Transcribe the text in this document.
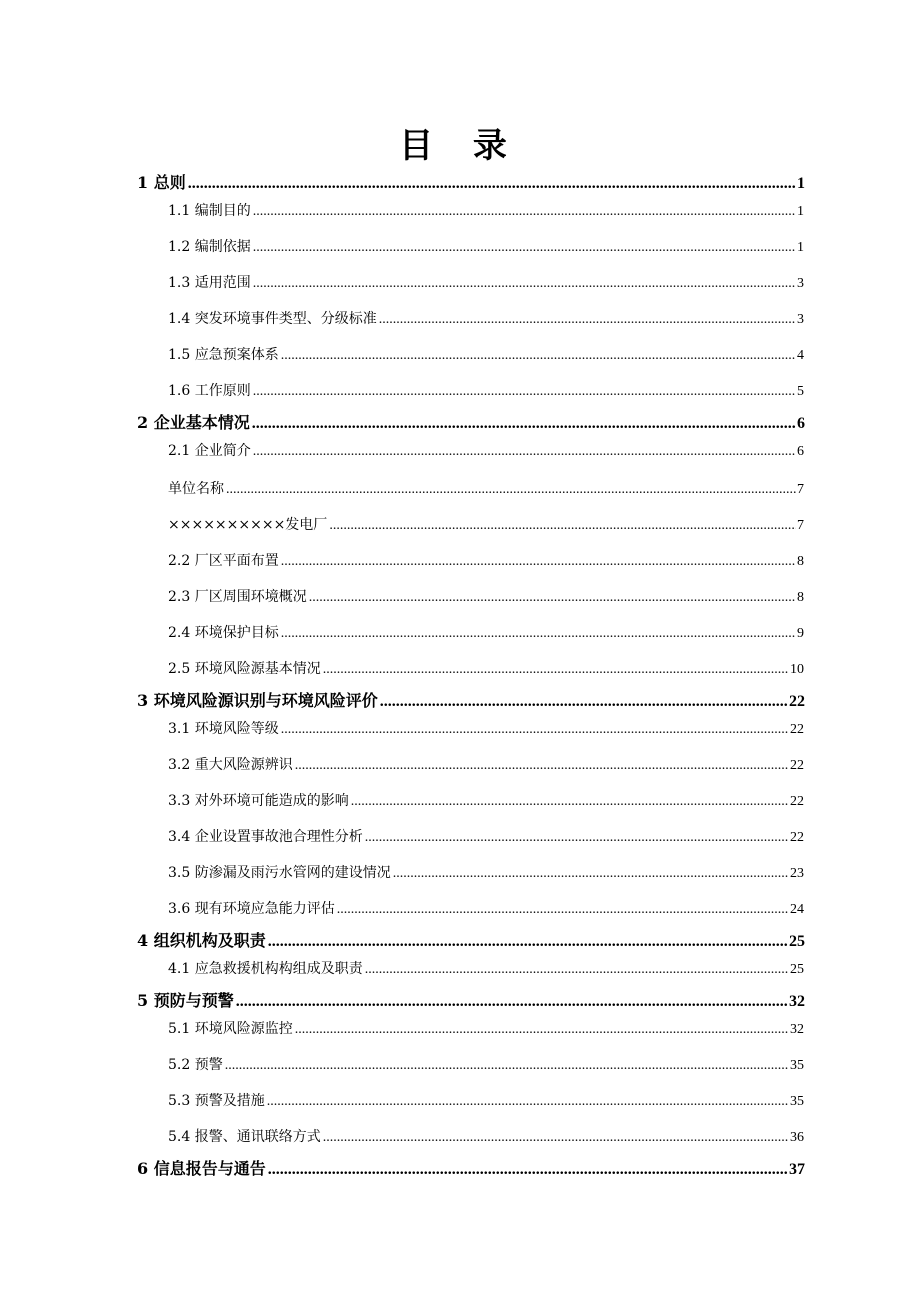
目 录
1 总则 .....	1
1.1 编制目的 .....	1
1.2 编制依据 .....	1
1.3 适用范围 .....	3
1.4 突发环境事件类型、分级标准 .....	3
1.5 应急预案体系 .....	4
1.6 工作原则 .....	5
2 企业基本情况 .....	6
2.1 企业简介 .....	6
单位名称 .....	7
××××××××××发电厂 .....	7
2.2 厂区平面布置 .....	8
2.3 厂区周围环境概况 .....	8
2.4 环境保护目标 .....	9
2.5 环境风险源基本情况 .....	10
3 环境风险源识别与环境风险评价 .....	22
3.1 环境风险等级 .....	22
3.2 重大风险源辨识 .....	22
3.3 对外环境可能造成的影响 .....	22
3.4 企业设置事故池合理性分析 .....	22
3.5 防渗漏及雨污水管网的建设情况 .....	23
3.6 现有环境应急能力评估 .....	24
4 组织机构及职责 .....	25
4.1 应急救援机构构组成及职责 .....	25
5 预防与预警 .....	32
5.1 环境风险源监控 .....	32
5.2 预警 .....	35
5.3 预警及措施 .....	35
5.4 报警、通讯联络方式 .....	36
6 信息报告与通告 .....	37
